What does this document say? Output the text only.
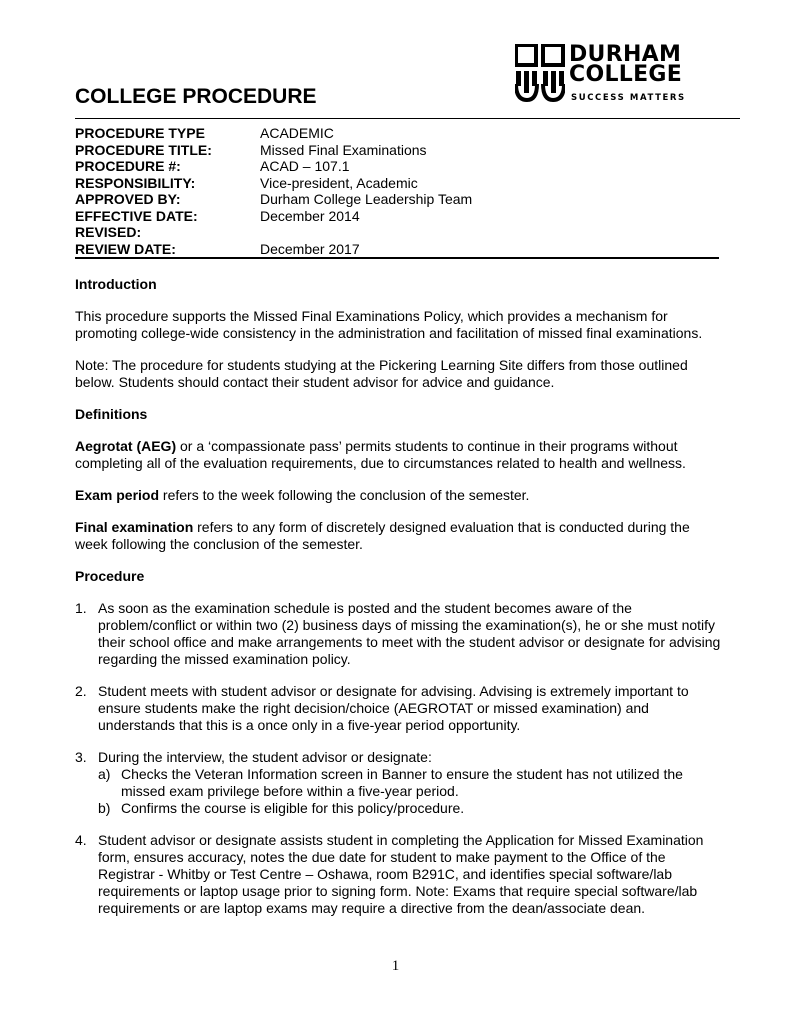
DURHAM
COLLEGE
SUCCESS MATTERS
COLLEGE PROCEDURE
PROCEDURE TYPE	ACADEMIC
PROCEDURE TITLE:	Missed Final Examinations
PROCEDURE #:	ACAD – 107.1
RESPONSIBILITY:	Vice-president, Academic
APPROVED BY:	Durham College Leadership Team
EFFECTIVE DATE:	December 2014
REVISED:
REVIEW DATE:	December 2017

Introduction

This procedure supports the Missed Final Examinations Policy, which provides a mechanism for promoting college-wide consistency in the administration and facilitation of missed final examinations.

Note: The procedure for students studying at the Pickering Learning Site differs from those outlined below. Students should contact their student advisor for advice and guidance.

Definitions

Aegrotat (AEG) or a ‘compassionate pass’ permits students to continue in their programs without completing all of the evaluation requirements, due to circumstances related to health and wellness.

Exam period refers to the week following the conclusion of the semester.

Final examination refers to any form of discretely designed evaluation that is conducted during the week following the conclusion of the semester.

Procedure

1. As soon as the examination schedule is posted and the student becomes aware of the problem/conflict or within two (2) business days of missing the examination(s), he or she must notify their school office and make arrangements to meet with the student advisor or designate for advising regarding the missed examination policy.
2. Student meets with student advisor or designate for advising. Advising is extremely important to ensure students make the right decision/choice (AEGROTAT or missed examination) and understands that this is a once only in a five-year period opportunity.
3. During the interview, the student advisor or designate:
a) Checks the Veteran Information screen in Banner to ensure the student has not utilized the missed exam privilege before within a five-year period.
b) Confirms the course is eligible for this policy/procedure.
4. Student advisor or designate assists student in completing the Application for Missed Examination form, ensures accuracy, notes the due date for student to make payment to the Office of the Registrar - Whitby or Test Centre – Oshawa, room B291C, and identifies special software/lab requirements or laptop usage prior to signing form. Note: Exams that require special software/lab requirements or are laptop exams may require a directive from the dean/associate dean.
1
